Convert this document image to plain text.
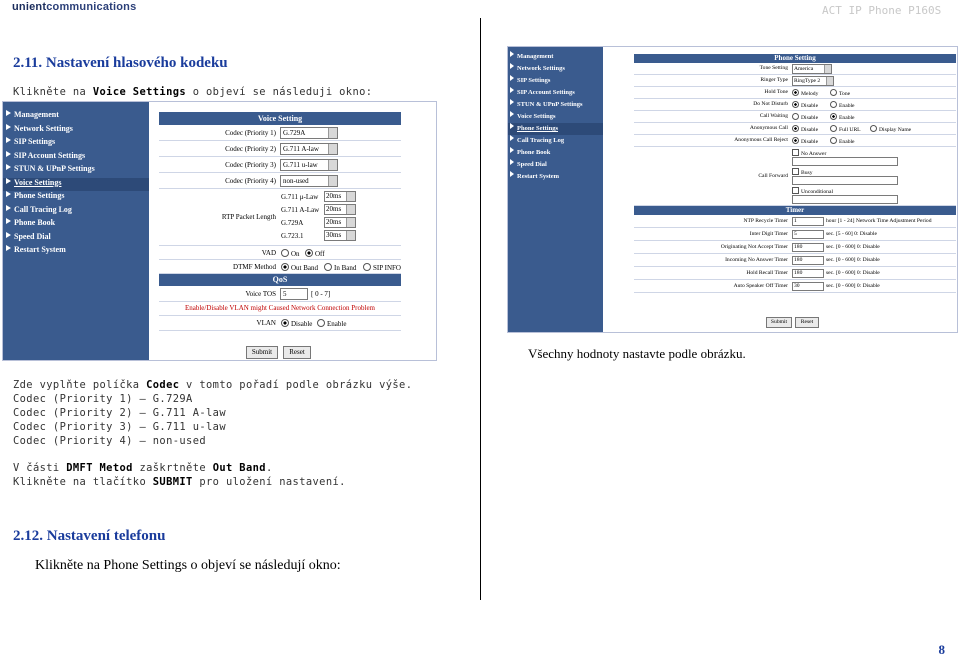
unientcommunications	ACT IP Phone P160S
2.11. Nastavení hlasového kodeku
Klikněte na Voice Settings o objeví se následuji okno:
Management
Network Settings
SIP Settings
SIP Account Settings
STUN & UPnP Settings
Voice Settings
Phone Settings
Call Tracing Log
Phone Book
Speed Dial
Restart System
Voice Setting
Codec (Priority 1)	G.729A
Codec (Priority 2)	G.711 A-law
Codec (Priority 3)	G.711 u-law
Codec (Priority 4)	non-used
RTP Packet Length
G.711 μ-Law 20ms
G.711 A-Law 20ms
G.729A	20ms
G.723.1	30ms
VAD	On	Off
DTMF Method	Out Band	In Band	SIP INFO
QoS
Voice TOS	5	[ 0 - 7]
Enable/Disable VLAN might Caused Network Connection Problem
VLAN	Disable	Enable
Submit	Reset
Management
Network Settings
SIP Settings
SIP Account Settings
STUN & UPnP Settings
Voice Settings
Phone Settings
Call Tracing Log
Phone Book
Speed Dial
Restart System
Phone Setting
Tone Setting	America
Ringer Type	RingType 2
Hold Tone	Melody	Tone
Do Not Disturb	Disable	Enable
Call Waiting	Disable	Enable
Anonymous Call	Disable	Full URL	Display Name
Anonymous Call Reject	Disable	Enable
Call Forward
No Answer
Busy
Unconditional
Timer
NTP Recycle Timer	1	hour [1 - 24] Network Time Adjustment Period
Inter Digit Timer	5	sec. [5 - 60] 0: Disable
Originating Not Accept Timer	180	sec. [0 - 600] 0: Disable
Incoming No Answer Timer	180	sec. [0 - 600] 0: Disable
Hold Recall Timer	180	sec. [0 - 600] 0: Disable
Auto Speaker Off Timer	30	sec. [0 - 600] 0: Disable
Submit	Reset
Všechny hodnoty nastavte podle obrázku.
Zde vyplňte políčka Codec v tomto pořadí podle obrázku výše.
Codec (Priority 1) – G.729A
Codec (Priority 2) – G.711 A-law
Codec (Priority 3) – G.711 u-law
Codec (Priority 4) – non-used
V části DMFT Metod zaškrtněte Out Band.
Klikněte na tlačítko SUBMIT pro uložení nastavení.
2.12. Nastavení telefonu
Klikněte na Phone Settings o objeví se následují okno:
8
